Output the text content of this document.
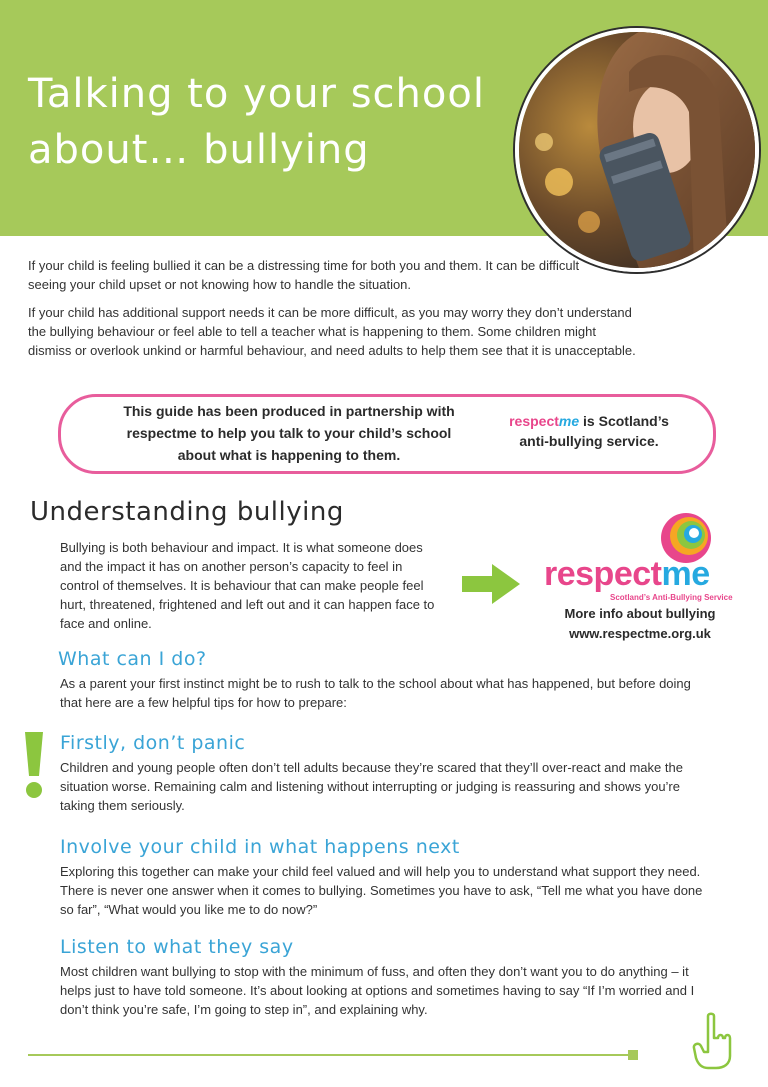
Talking to your school
about… bullying

If your child is feeling bullied it can be a distressing time for both you and them. It can be difficult seeing your child upset or not knowing how to handle the situation.

If your child has additional support needs it can be more difficult, as you may worry they don’t understand the bullying behaviour or feel able to tell a teacher what is happening to them. Some children might dismiss or overlook unkind or harmful behaviour, and need adults to help them see that it is unacceptable.

This guide has been produced in partnership with
respectme to help you talk to your child’s school
about what is happening to them.
respectme is Scotland’s
anti-bullying service.
Understanding bullying

Bullying is both behaviour and impact. It is what someone does and the impact it has on another person’s capacity to feel in control of themselves. It is behaviour that can make people feel hurt, threatened, frightened and left out and it can happen face to face and online.

respectme
Scotland’s Anti-Bullying Service
More info about bullying
www.respectme.org.uk
What can I do?

As a parent your first instinct might be to rush to talk to the school about what has happened, but before doing that here are a few helpful tips for how to prepare:

Firstly, don’t panic

Children and young people often don’t tell adults because they’re scared that they’ll over-react and make the situation worse. Remaining calm and listening without interrupting or judging is reassuring and shows you’re taking them seriously.

Involve your child in what happens next

Exploring this together can make your child feel valued and will help you to understand what support they need. There is never one answer when it comes to bullying. Sometimes you have to ask, “Tell me what you have done so far”, “What would you like me to do now?”

Listen to what they say

Most children want bullying to stop with the minimum of fuss, and often they don’t want you to do anything – it helps just to have told someone. It’s about looking at options and sometimes having to say “If I’m worried and I don’t think you’re safe, I’m going to step in”, and explaining why.
